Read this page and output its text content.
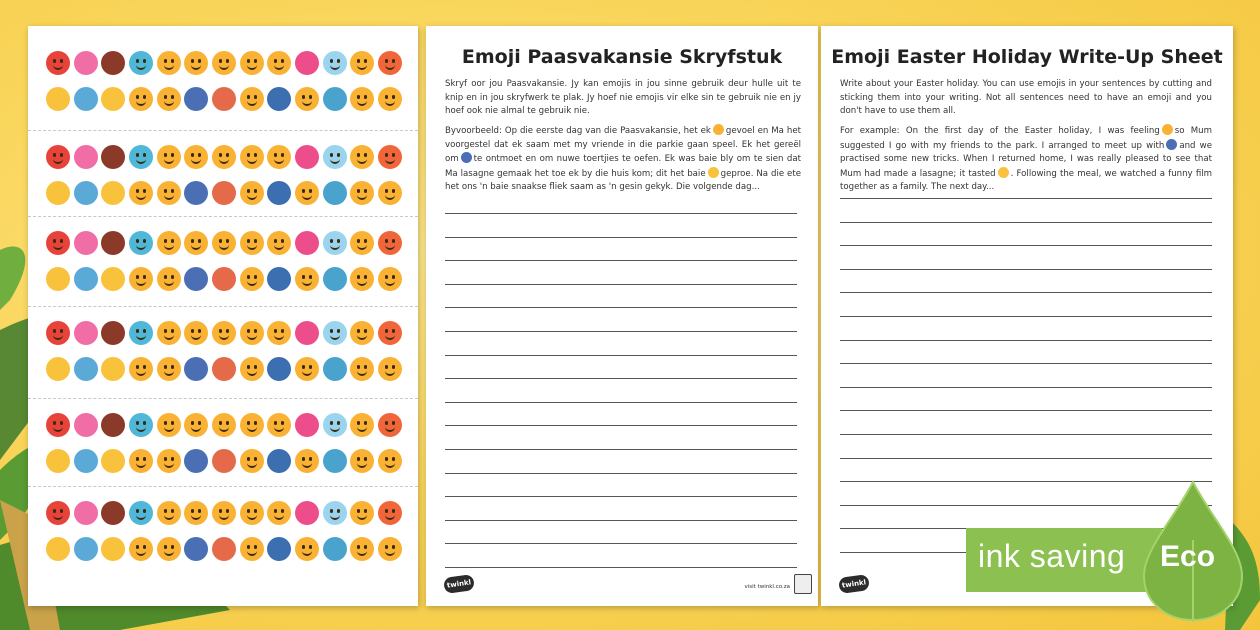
Emoji Paasvakansie Skryfstuk
Skryf oor jou Paasvakansie. Jy kan emojis in jou sinne gebruik deur hulle uit te knip en in jou skryfwerk te plak. Jy hoef nie emojis vir elke sin te gebruik nie en jy hoef ook nie almal te gebruik nie.
Byvoorbeeld: Op die eerste dag van die Paasvakansie, het ek gevoel en Ma het voorgestel dat ek saam met my vriende in die parkie gaan speel. Ek het gereël om te ontmoet en om nuwe toertjies te oefen. Ek was baie bly om te sien dat Ma lasagne gemaak het toe ek by die huis kom; dit het baie geproe. Na die ete het ons 'n baie snaakse fliek saam as 'n gesin gekyk. Die volgende dag...
twinkl	visit twinkl.co.za
Emoji Easter Holiday Write-Up Sheet
Write about your Easter holiday. You can use emojis in your sentences by cutting and sticking them into your writing. Not all sentences need to have an emoji and you don't have to use them all.
For example: On the first day of the Easter holiday, I was feeling so Mum suggested I go with my friends to the park. I arranged to meet up with and we practised some new tricks. When I returned home, I was really pleased to see that Mum had made a lasagne; it tasted . Following the meal, we watched a funny film together as a family. The next day...
twinkl
ink saving Eco
